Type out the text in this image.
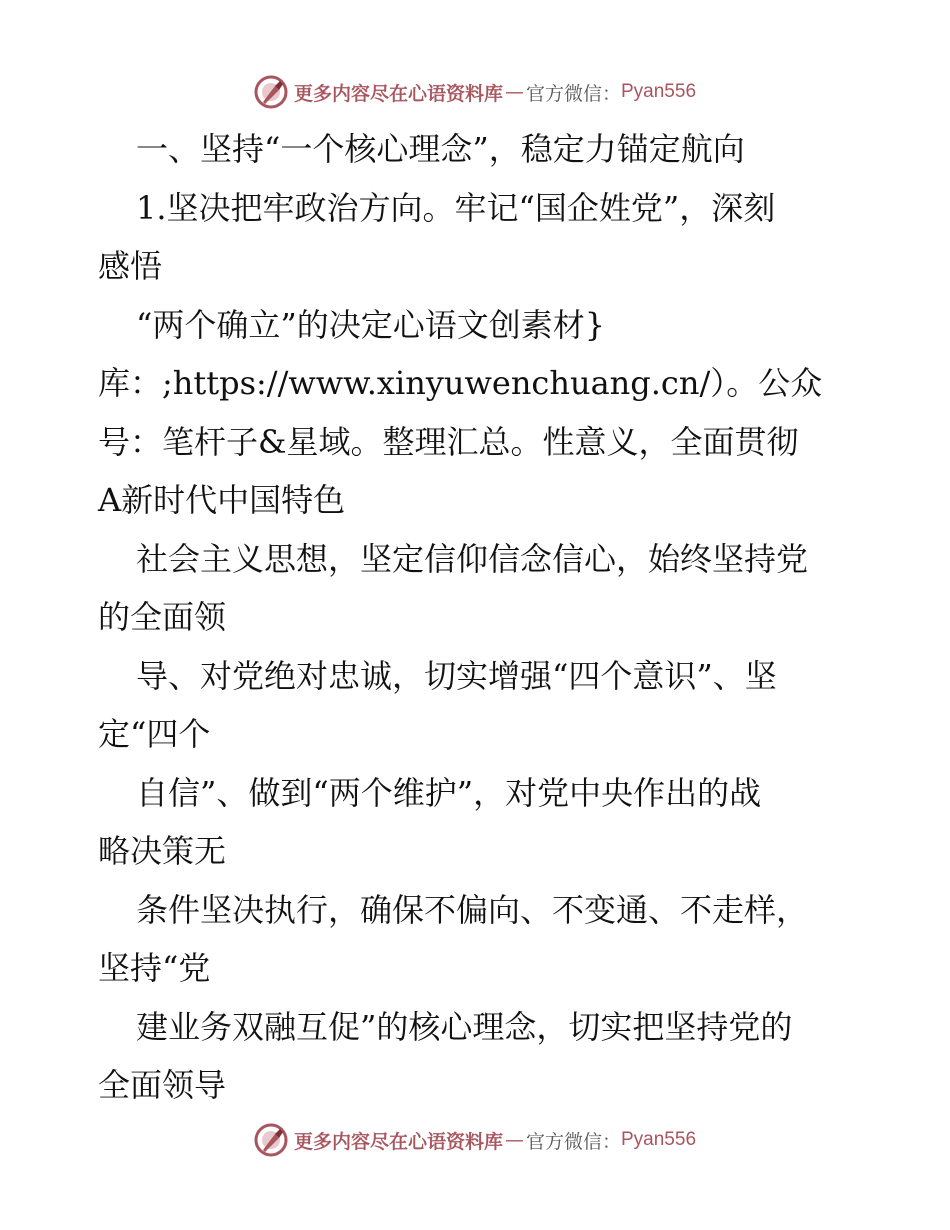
更多内容尽在心语资料库 — 官方微信： Pyan556
一、坚持“一个核心理念”，稳定力锚定航向
1.坚决把牢政治方向。牢记“国企姓党”，深刻
感悟
“两个确立”的决定心语文创素材}
库：;https://www.xinyuwenchuang.cn/）。公众
号：笔杆子&星域。整理汇总。性意义，全面贯彻
A新时代中国特色
社会主义思想，坚定信仰信念信心，始终坚持党
的全面领
导、对党绝对忠诚，切实增强“四个意识”、坚
定“四个
自信”、做到“两个维护”，对党中央作出的战
略决策无
条件坚决执行，确保不偏向、不变通、不走样，
坚持“党
建业务双融互促”的核心理念，切实把坚持党的
全面领导
更多内容尽在心语资料库 — 官方微信： Pyan556
